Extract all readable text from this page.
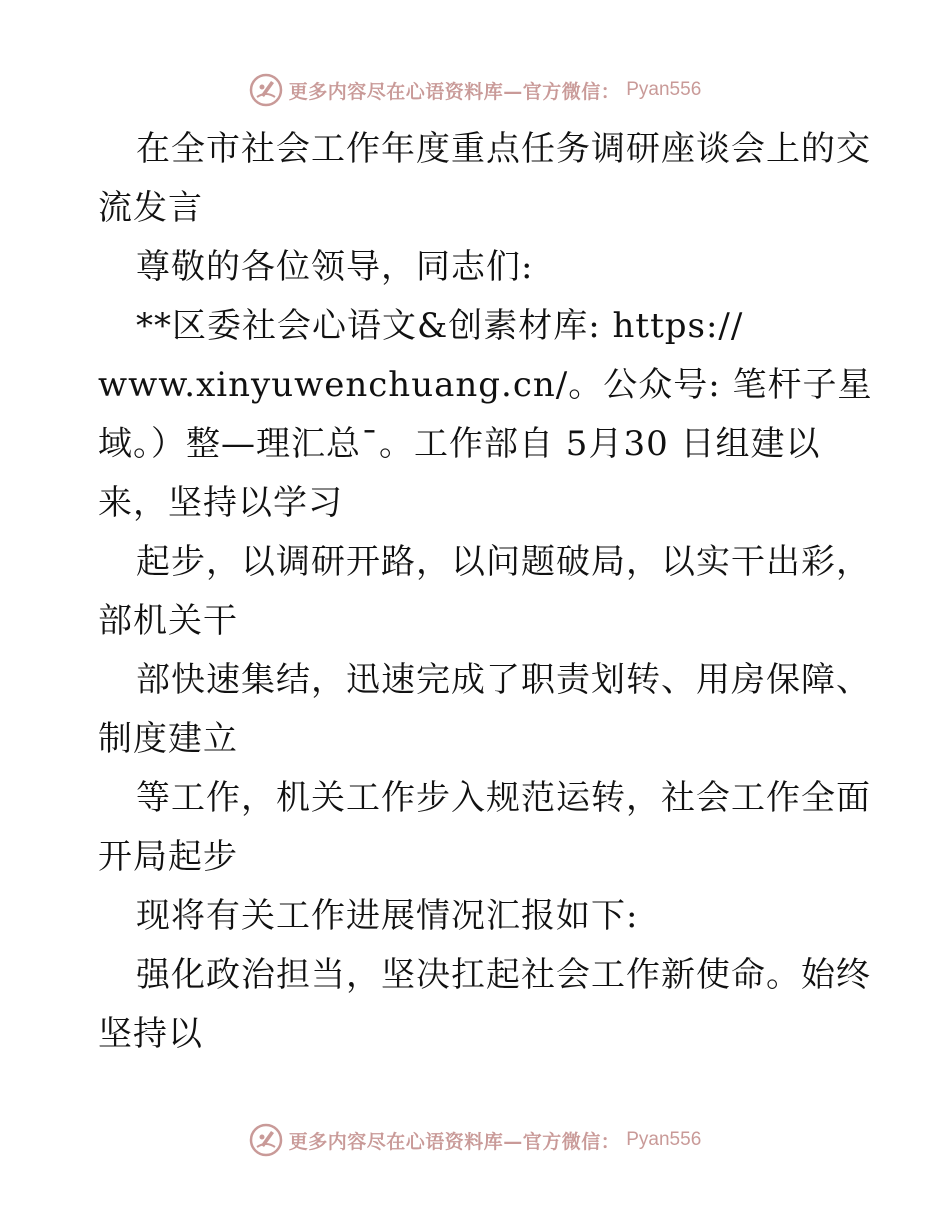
更多内容尽在心语资料库—官方微信： Pyan556
在全市社会工作年度重点任务调研座谈会上的交
流发言
尊敬的各位领导，同志们:
**区委社会心语文&创素材库: https://
www.xinyuwenchuang.cn/。公众号: 笔杆子星
域。）整—理汇总¯。工作部自 5月30 日组建以
来，坚持以学习
起步，以调研开路，以问题破局，以实干出彩，
部机关干
部快速集结，迅速完成了职责划转、用房保障、
制度建立
等工作，机关工作步入规范运转，社会工作全面
开局起步
现将有关工作进展情况汇报如下:
强化政治担当，坚决扛起社会工作新使命。始终
坚持以
更多内容尽在心语资料库—官方微信： Pyan556
